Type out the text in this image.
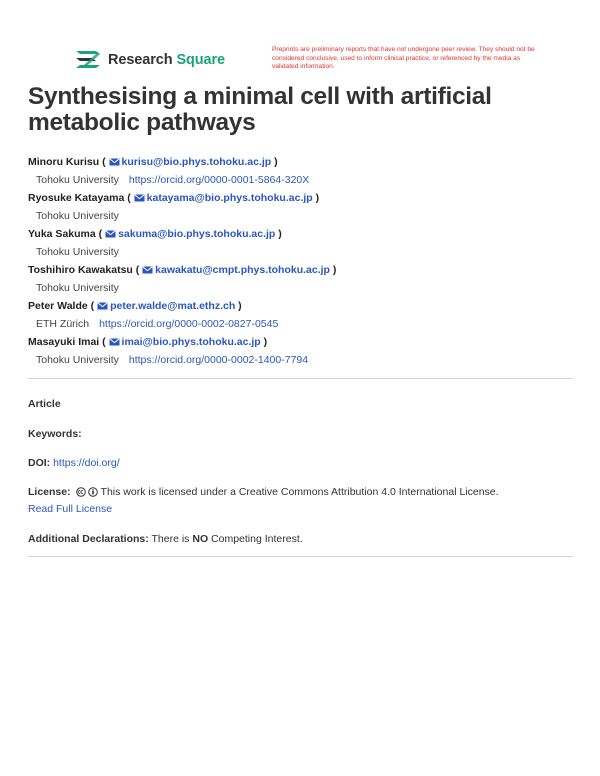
Research Square
Preprints are preliminary reports that have not undergone peer review. They should not be considered conclusive, used to inform clinical practice, or referenced by the media as validated information.
Synthesising a minimal cell with artificial metabolic pathways
Minoru Kurisu ( kurisu@bio.phys.tohoku.ac.jp )
Tohoku University https://orcid.org/0000-0001-5864-320X
Ryosuke Katayama ( katayama@bio.phys.tohoku.ac.jp )
Tohoku University
Yuka Sakuma ( sakuma@bio.phys.tohoku.ac.jp )
Tohoku University
Toshihiro Kawakatsu ( kawakatu@cmpt.phys.tohoku.ac.jp )
Tohoku University
Peter Walde ( peter.walde@mat.ethz.ch )
ETH Zürich https://orcid.org/0000-0002-0827-0545
Masayuki Imai ( imai@bio.phys.tohoku.ac.jp )
Tohoku University https://orcid.org/0000-0002-1400-7794
Article
Keywords:
DOI: https://doi.org/
License:	This work is licensed under a Creative Commons Attribution 4.0 International License.
Read Full License
Additional Declarations: There is NO Competing Interest.
